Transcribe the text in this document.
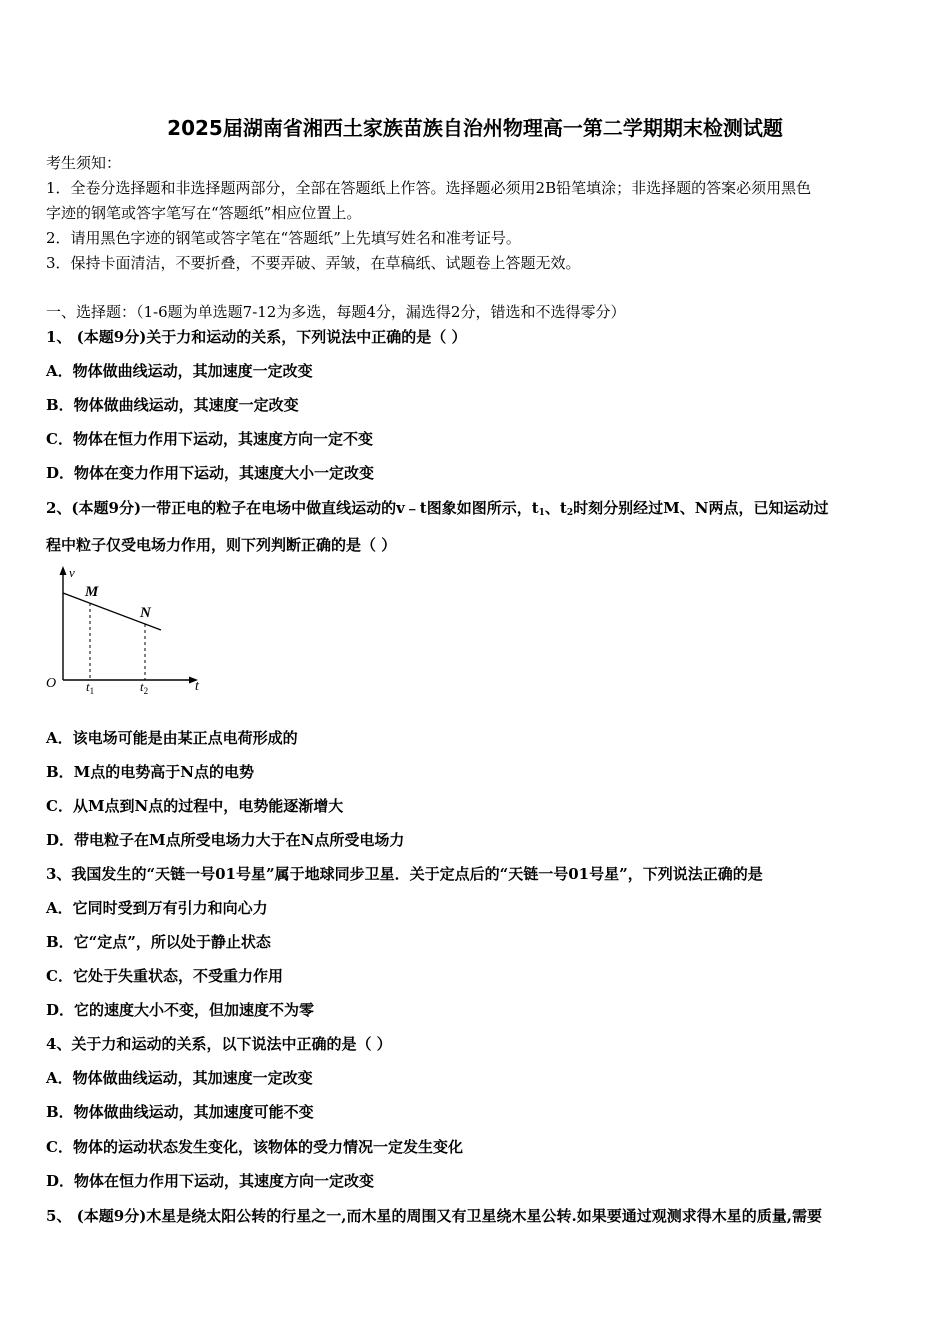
2025届湖南省湘西土家族苗族自治州物理高一第二学期期末检测试题
考生须知：
1．全卷分选择题和非选择题两部分，全部在答题纸上作答。选择题必须用2B铅笔填涂；非选择题的答案必须用黑色
字迹的钢笔或答字笔写在“答题纸”相应位置上。
2．请用黑色字迹的钢笔或答字笔在“答题纸”上先填写姓名和准考证号。
3．保持卡面清洁，不要折叠，不要弄破、弄皱，在草稿纸、试题卷上答题无效。
一、选择题：（1-6题为单选题7-12为多选，每题4分，漏选得2分，错选和不选得零分）
1、 (本题9分)关于力和运动的关系，下列说法中正确的是（ ）
A．物体做曲线运动，其加速度一定改变
B．物体做曲线运动，其速度一定改变
C．物体在恒力作用下运动，其速度方向一定不变
D．物体在变力作用下运动，其速度大小一定改变
2、(本题9分)一带正电的粒子在电场中做直线运动的v﹣t图象如图所示，$t_1$、$t_2$时刻分别经过M、N两点，已知运动过
程中粒子仅受电场力作用，则下列判断正确的是（ ）
v
M
N
O	t
$t_1$	$t_2$
A．该电场可能是由某正点电荷形成的
B．M点的电势高于N点的电势
C．从M点到N点的过程中，电势能逐渐增大
D．带电粒子在M点所受电场力大于在N点所受电场力
3、我国发生的“天链一号01号星”属于地球同步卫星．关于定点后的“天链一号01号星”，下列说法正确的是
A．它同时受到万有引力和向心力
B．它“定点”，所以处于静止状态
C．它处于失重状态，不受重力作用
D．它的速度大小不变，但加速度不为零
4、关于力和运动的关系，以下说法中正确的是（ ）
A．物体做曲线运动，其加速度一定改变
B．物体做曲线运动，其加速度可能不变
C．物体的运动状态发生变化，该物体的受力情况一定发生变化
D．物体在恒力作用下运动，其速度方向一定改变
5、 (本题9分)木星是绕太阳公转的行星之一,而木星的周围又有卫星绕木星公转.如果要通过观测求得木星的质量,需要
